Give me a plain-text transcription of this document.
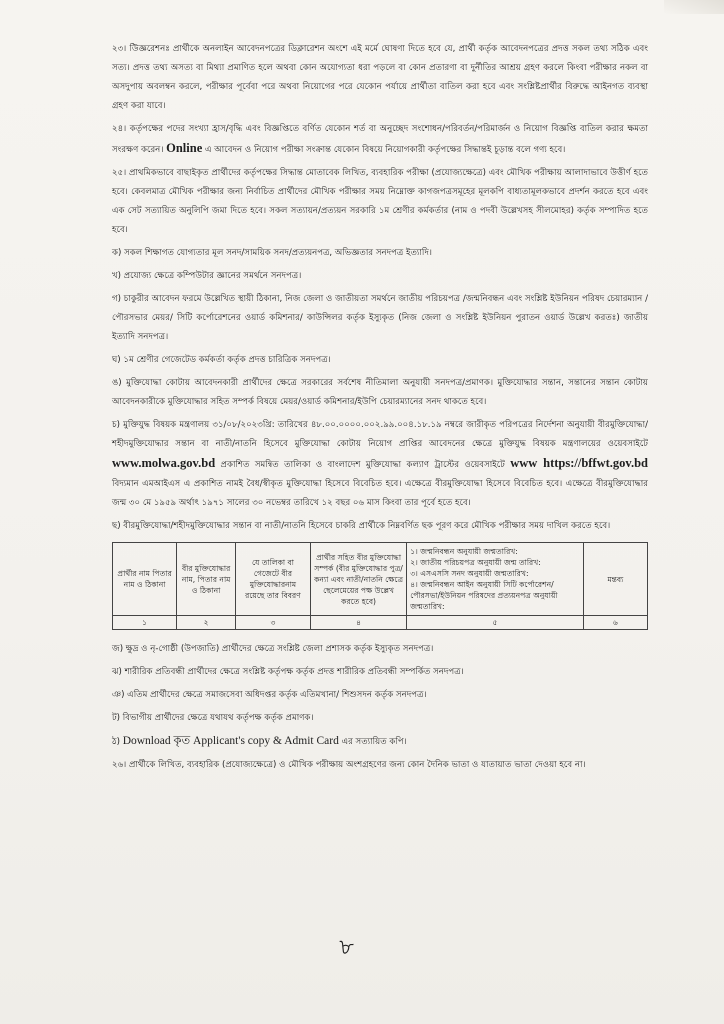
২৩। উিজ্ঞরেশনঃ প্রার্থীকে অনলাইন আবেদনপত্রের ডিক্লারেশন অংশে এই মর্মে ঘোষণা দিতে হবে যে, প্রার্থী কর্তৃক আবেদনপত্রের প্রদত্ত সকল তথ্য সঠিক এবং সত্য। প্রদত্ত তথ্য অসত্য বা মিথ্যা প্রমাণিত হলে অথবা কোন অযোগ্যতা ধরা পড়লে বা কোন প্রতারণা বা দুর্নীতির আশ্রয় গ্রহণ করলে কিংবা পরীক্ষার নকল বা অসদুপায় অবলম্বন করলে, পরীক্ষার পূর্বেবা পরে অথবা নিয়োগের পরে যেকোন পর্যায়ে প্রার্থীতা বাতিল করা হবে এবং সংশ্লিষ্টপ্রার্থীর বিরুদ্ধে আইনগত ব্যবস্থা গ্রহণ করা যাবে।

২৪। কর্তৃপক্ষের পদের সংখ্যা হ্রাস/বৃদ্ধি এবং বিজ্ঞপ্তিতে বর্ণিত যেকোন শর্ত বা অনুচ্ছেদ সংশোধন/পরিবর্তন/পরিমার্জন ও নিয়োগ বিজ্ঞপ্তি বাতিল করার ক্ষমতা সংরক্ষণ করেন। Online এ আবেদন ও নিয়োগ পরীক্ষা সংক্রান্ত যেকোন বিষয়ে নিয়োগকারী কর্তৃপক্ষের সিদ্ধান্তই চূড়ান্ত বলে গণ্য হবে।

২৫। প্রাথমিকভাবে বাছাইকৃত প্রার্থীদের কর্তৃপক্ষের সিদ্ধান্ত মোতাবেক লিখিত, ব্যবহারিক পরীক্ষা (প্রযোজ্যক্ষেত্রে) এবং মৌখিক পরীক্ষায় আলাদাভাবে উত্তীর্ণ হতে হবে। কেবলমাত্র মৌখিক পরীক্ষার জন্য নির্বাচিত প্রার্থীদের মৌখিক পরীক্ষার সময় নিম্নোক্ত কাগজপত্রসমূহের মূলকপি বাধ্যতামূলকভাবে প্রদর্শন করতে হবে এবং এক সেট সত্যায়িত অনুলিপি জমা দিতে হবে। সকল সত্যায়ন/প্রত্যয়ন সরকারি ১ম শ্রেণীর কর্মকর্তার (নাম ও পদবী উল্লেখসহ সীলমোহর) কর্তৃক সম্পাদিত হতে হবে।

ক) সকল শিক্ষাগত যোগ্যতার মূল সনদ/সাময়িক সনদ/প্রত্যয়নপত্র, অভিজ্ঞতার সনদপত্র ইত্যাদি।

খ) প্রযোজ্য ক্ষেত্রে কম্পিউটার জ্ঞানের সমর্থনে সনদপত্র।

গ) চাকুরীর আবেদন ফরমে উল্লেখিত স্থায়ী ঠিকানা, নিজ জেলা ও জাতীয়তা সমর্থনে জাতীয় পরিচয়পত্র /জন্মনিবন্ধন এবং সংশ্লিষ্ট ইউনিয়ন পরিষদ চেয়ারম্যান /পৌরসভার মেয়র/ সিটি কর্পোরেশনের ওয়ার্ড কমিশনার/ কাউন্সিলর কর্তৃক ইস্যুকৃত (নিজ জেলা ও সংশ্লিষ্ট ইউনিয়ন পুরাতন ওয়ার্ড উল্লেখ করতঃ) জাতীয় ইত্যাদি সনদপত্র।

ঘ) ১ম শ্রেণীর গেজেটেড কর্মকর্তা কর্তৃক প্রদত্ত চারিত্রিক সনদপত্র।

ঙ) মুক্তিযোদ্ধা কোটায় আবেদনকারী প্রার্থীদের ক্ষেত্রে সরকারের সর্বশেষ নীতিমালা অনুযায়ী সনদপত্র/প্রমাণক। মুক্তিযোদ্ধার সন্তান, সন্তানের সন্তান কোটায় আবেদনকারীকে মুক্তিযোদ্ধার সহিত সম্পর্ক বিষয়ে মেয়র/ওয়ার্ড কমিশনার/ইউপি চেয়ারম্যানের সনদ থাকতে হবে।

চ) মুক্তিযুদ্ধ বিষয়ক মন্ত্রণালয় ৩১/০৮/২০২৩খ্রি: তারিখের ৪৮.০০.০০০০.০০২.৯৯.০০৪.১৮.১৯ নম্বরে জারীকৃত পরিপত্রের নির্দেশনা অনুযায়ী বীরমুক্তিযোদ্ধা/শহীদমুক্তিযোদ্ধার সন্তান বা নাতী/নাতনি হিসেবে মুক্তিযোদ্ধা কোটায় নিয়োগ প্রাপ্তির আবেদনের ক্ষেত্রে মুক্তিযুদ্ধ বিষয়ক মন্ত্রণালয়ের ওয়েবসাইটে www.molwa.gov.bd প্রকাশিত সমন্বিত তালিকা ও বাংলাদেশ মুক্তিযোদ্ধা কল্যাণ ট্রাস্টের ওয়েবসাইটে www https://bffwt.gov.bd বিদ্যমান এমআইএস এ প্রকাশিত নামই বৈধ/স্বীকৃত মুক্তিযোদ্ধা হিসেবে বিবেচিত হবে। এক্ষেত্রে বীরমুক্তিযোদ্ধা হিসেবে বিবেচিত হবে। এক্ষেত্রে বীরমুক্তিযোদ্ধার জন্ম ৩০ মে ১৯৫৯ অর্থাৎ ১৯৭১ সালের ৩০ নভেম্বর তারিখে ১২ বছর ০৬ মাস কিংবা তার পূর্বে হতে হবে।

ছ) বীরমুক্তিযোদ্ধা/শহীদমুক্তিযোদ্ধার সন্তান বা নাতী/নাতনি হিসেবে চাকরি প্রার্থীকে নিম্নবর্ণিত ছক পূরণ করে মৌখিক পরীক্ষার সময় দাখিল করতে হবে।

প্রার্থীর নাম পিতার নাম ও ঠিকানা	বীর মুক্তিযোদ্ধার নাম, পিতার নাম ও ঠিকানা	যে তালিকা বা গেজেটে বীর মুক্তিযোদ্ধারনাম রয়েছে তার বিবরণ	প্রার্থীর সহিত বীর মুক্তিযোদ্ধা সম্পর্ক (বীর মুক্তিযোদ্ধার পুত্র/কন্যা এবং নাতী/নাতনি ক্ষেত্রে ছেলেমেয়ের পক্ষ উল্লেখ করতে হবে)	১। জন্মনিবন্ধন অনুযায়ী জন্মতারিখ:
২। জাতীয় পরিচয়পত্র অনুযায়ী জন্ম তারিখ:
৩। এসএসসি সনদ অনুযায়ী জন্মতারিখ:
৪। জন্মনিবন্ধন আইন অনুযায়ী সিটি কর্পোরেশন/পৌরসভা/ইউনিয়ন পরিষদের প্রত্যয়নপত্র অনুযায়ী জন্মতারিখ:	মন্তব্য
১	২	৩	৪	৫	৬

জ) ক্ষুদ্র ও নৃ-গোষ্ঠী (উপজাতি) প্রার্থীদের ক্ষেত্রে সংশ্লিষ্ট জেলা প্রশাসক কর্তৃক ইস্যুকৃত সনদপত্র।

ঝ) শারীরিক প্রতিবন্ধী প্রার্থীদের ক্ষেত্রে সংশ্লিষ্ট কর্তৃপক্ষ কর্তৃক প্রদত্ত শারীরিক প্রতিবন্ধী সম্পর্কিত সনদপত্র।

ঞ) এতিম প্রার্থীদের ক্ষেত্রে সমাজসেবা অধিদপ্তর কর্তৃক এতিমখানা/ শিশুসদন কর্তৃক সনদপত্র।

ট) বিভাগীয় প্রার্থীদের ক্ষেত্রে যথাযথ কর্তৃপক্ষ কর্তৃক প্রমাণক।

ঠ) Download কৃত Applicant's copy & Admit Card এর সত্যায়িত কপি।

২৬। প্রার্থীকে লিখিত, ব্যবহারিক (প্রযোজ্যক্ষেত্রে) ও মৌখিক পরীক্ষায় অংশগ্রহণের জন্য কোন দৈনিক ভাতা ও যাতায়াত ভাতা দেওয়া হবে না।

৮
